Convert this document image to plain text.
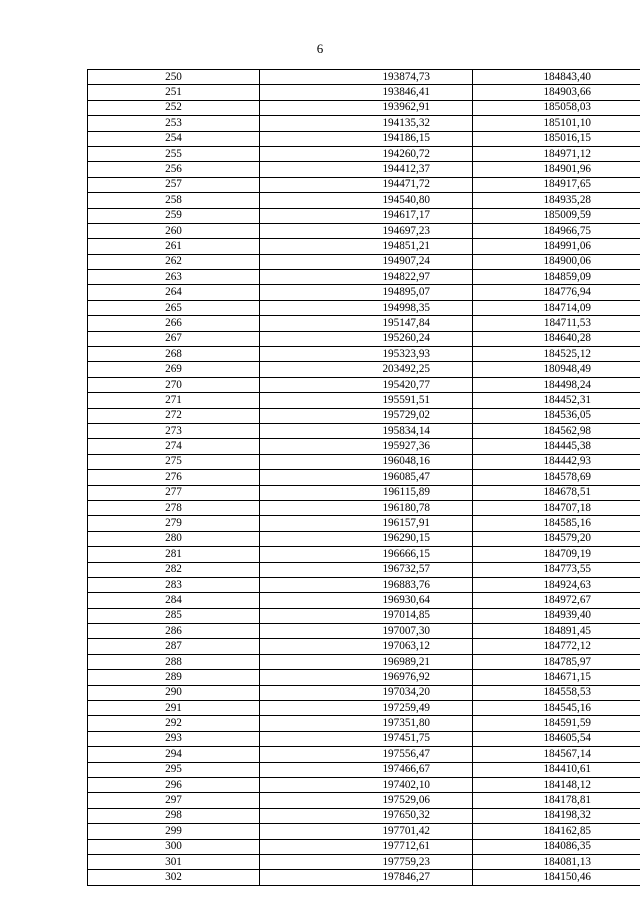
6
250	193874,73	184843,40
251	193846,41	184903,66
252	193962,91	185058,03
253	194135,32	185101,10
254	194186,15	185016,15
255	194260,72	184971,12
256	194412,37	184901,96
257	194471,72	184917,65
258	194540,80	184935,28
259	194617,17	185009,59
260	194697,23	184966,75
261	194851,21	184991,06
262	194907,24	184900,06
263	194822,97	184859,09
264	194895,07	184776,94
265	194998,35	184714,09
266	195147,84	184711,53
267	195260,24	184640,28
268	195323,93	184525,12
269	203492,25	180948,49
270	195420,77	184498,24
271	195591,51	184452,31
272	195729,02	184536,05
273	195834,14	184562,98
274	195927,36	184445,38
275	196048,16	184442,93
276	196085,47	184578,69
277	196115,89	184678,51
278	196180,78	184707,18
279	196157,91	184585,16
280	196290,15	184579,20
281	196666,15	184709,19
282	196732,57	184773,55
283	196883,76	184924,63
284	196930,64	184972,67
285	197014,85	184939,40
286	197007,30	184891,45
287	197063,12	184772,12
288	196989,21	184785,97
289	196976,92	184671,15
290	197034,20	184558,53
291	197259,49	184545,16
292	197351,80	184591,59
293	197451,75	184605,54
294	197556,47	184567,14
295	197466,67	184410,61
296	197402,10	184148,12
297	197529,06	184178,81
298	197650,32	184198,32
299	197701,42	184162,85
300	197712,61	184086,35
301	197759,23	184081,13
302	197846,27	184150,46
